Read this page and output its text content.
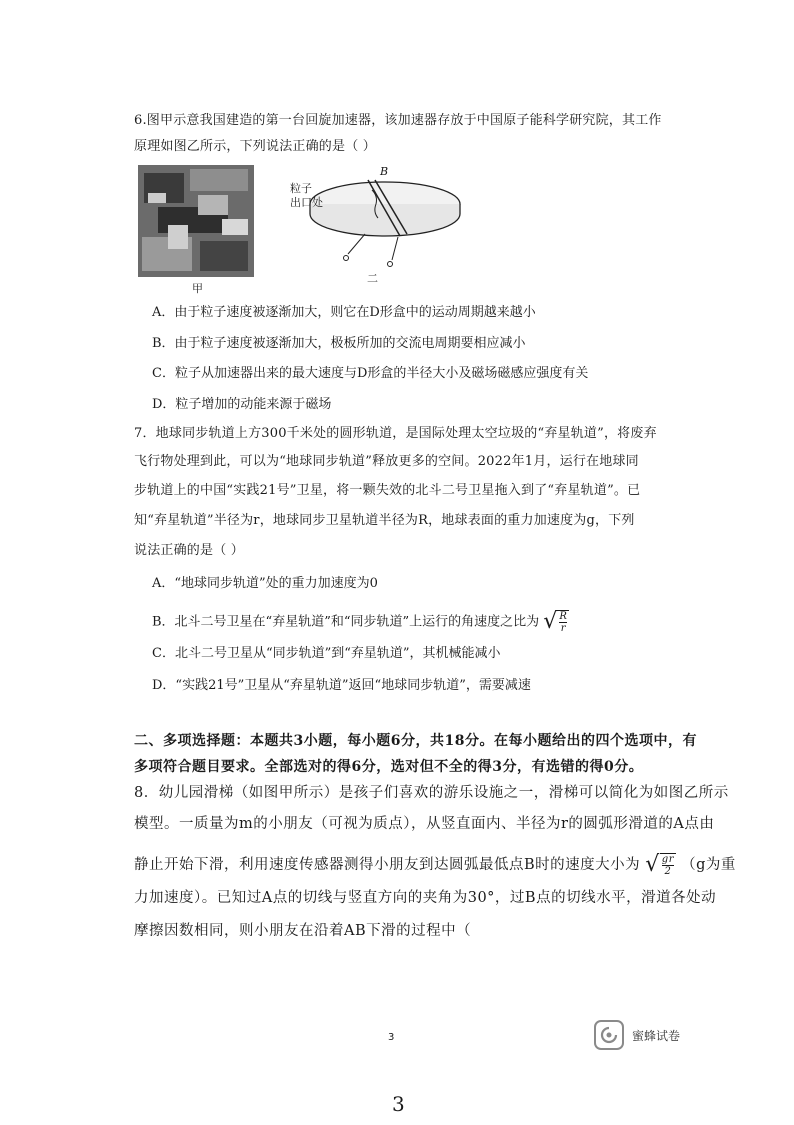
6.图甲示意我国建造的第一台回旋加速器，该加速器存放于中国原子能科学研究院，其工作
原理如图乙所示，下列说法正确的是（ ）
甲
粒子
出口处
B
二
A．由于粒子速度被逐渐加大，则它在D形盒中的运动周期越来越小
B．由于粒子速度被逐渐加大，极板所加的交流电周期要相应减小
C．粒子从加速器出来的最大速度与D形盒的半径大小及磁场磁感应强度有关
D．粒子增加的动能来源于磁场
7．地球同步轨道上方300千米处的圆形轨道，是国际处理太空垃圾的“弃星轨道”，将废弃
飞行物处理到此，可以为“地球同步轨道”释放更多的空间。2022年1月，运行在地球同
步轨道上的中国“实践21号”卫星，将一颗失效的北斗二号卫星拖入到了“弃星轨道”。已
知“弃星轨道”半径为r，地球同步卫星轨道半径为R，地球表面的重力加速度为g，下列
说法正确的是（ ）
A．“地球同步轨道”处的重力加速度为0
B．北斗二号卫星在“弃星轨道”和“同步轨道”上运行的角速度之比为 √ $\frac{R}{r}$
C．北斗二号卫星从“同步轨道”到“弃星轨道”，其机械能减小
D．“实践21号”卫星从“弃星轨道”返回“地球同步轨道”，需要减速
二、多项选择题：本题共3小题，每小题6分，共18分。在每小题给出的四个选项中，有
多项符合题目要求。全部选对的得6分，选对但不全的得3分，有选错的得0分。
8．幼儿园滑梯（如图甲所示）是孩子们喜欢的游乐设施之一，滑梯可以简化为如图乙所示
模型。一质量为m的小朋友（可视为质点），从竖直面内、半径为r的圆弧形滑道的A点由
静止开始下滑，利用速度传感器测得小朋友到达圆弧最低点B时的速度大小为 √ $\frac{gr}{2} (g$为重
力加速度）。已知过A点的切线与竖直方向的夹角为30°，过B点的切线水平，滑道各处动
摩擦因数相同，则小朋友在沿着AB下滑的过程中（
3	蜜蜂试卷
3
